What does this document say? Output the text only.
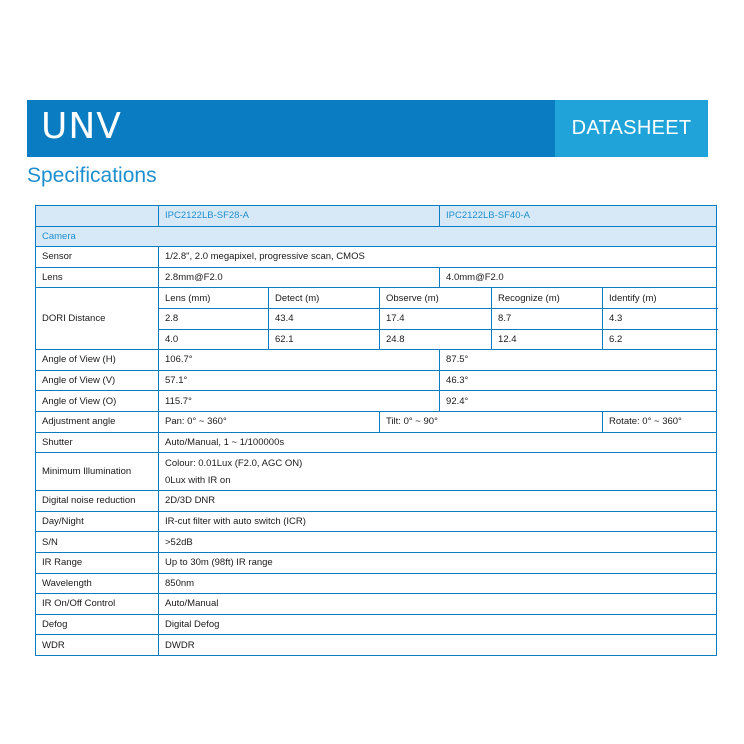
UNV	DATASHEET
Specifications
	IPC2122LB-SF28-A			IPC2122LB-SF40-A		
Camera						
Sensor	1/2.8", 2.0 megapixel, progressive scan, CMOS					
Lens	2.8mm@F2.0			4.0mm@F2.0		
DORI Distance	Lens (mm)	Detect (m)	Observe (m)		Recognize (m)	Identify (m)
	2.8	43.4	17.4		8.7	4.3
	4.0	62.1	24.8		12.4	6.2
Angle of View (H)	106.7°			87.5°		
Angle of View (V)	57.1°			46.3°		
Angle of View (O)	115.7°			92.4°		
Adjustment angle	Pan: 0° ~ 360°		Tilt: 0° ~ 90°			Rotate: 0° ~ 360°
Shutter	Auto/Manual, 1 ~ 1/100000s					
Minimum Illumination	Colour: 0.01Lux (F2.0, AGC ON)
0Lux with IR on					

Digital noise reduction	2D/3D DNR					
Day/Night	IR-cut filter with auto switch (ICR)					
S/N	>52dB					
IR Range	Up to 30m (98ft) IR range					
Wavelength	850nm					
IR On/Off Control	Auto/Manual					
Defog	Digital Defog					
WDR	DWDR					
